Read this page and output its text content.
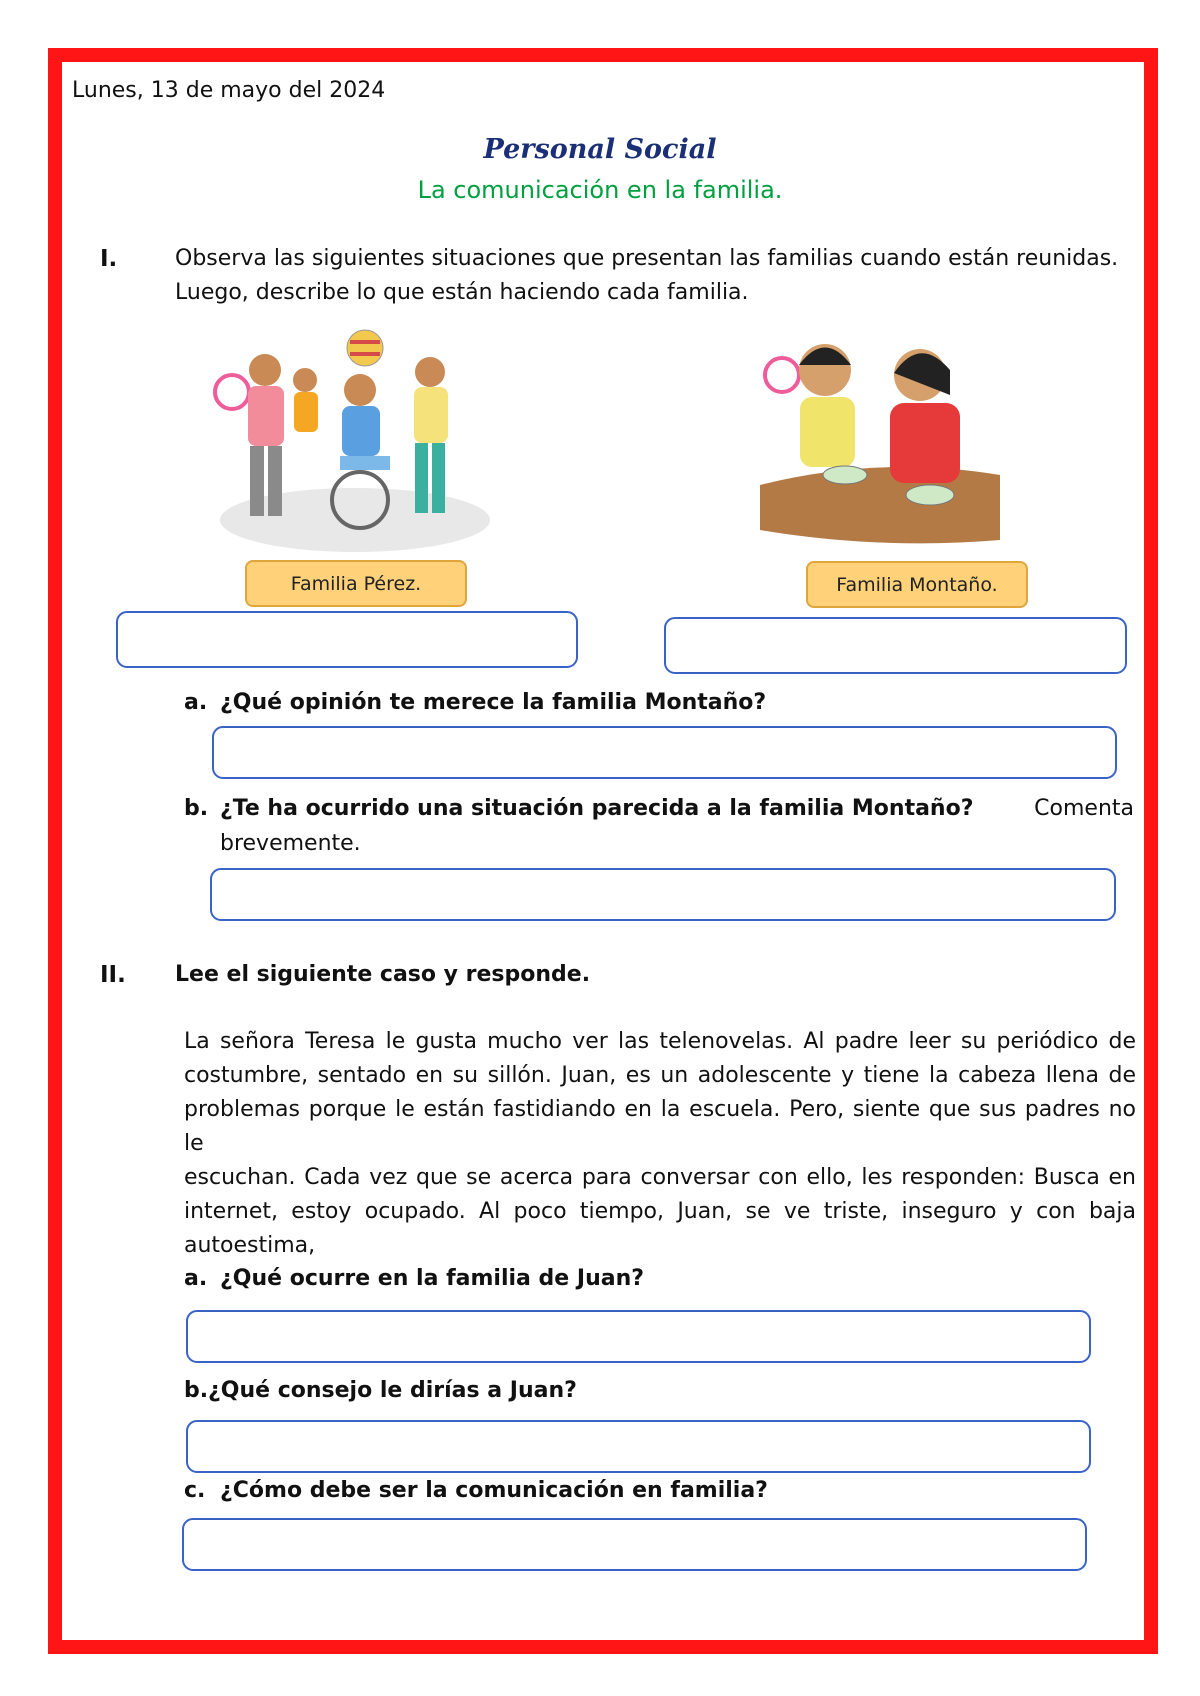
Lunes, 13 de mayo del 2024
Personal Social
La comunicación en la familia.
I.	Observa las siguientes situaciones que presentan las familias cuando están reunidas.
Luego, describe lo que están haciendo cada familia.
Familia Pérez.	Familia Montaño.
a. ¿Qué opinión te merece la familia Montaño?
b. ¿Te ha ocurrido una situación parecida a la familia Montaño?	Comenta
brevemente.
II. Lee el siguiente caso y responde.
La señora Teresa le gusta mucho ver las telenovelas. Al padre leer su periódico de
costumbre, sentado en su sillón. Juan, es un adolescente y tiene la cabeza llena de
problemas porque le están fastidiando en la escuela. Pero, siente que sus padres no le
escuchan. Cada vez que se acerca para conversar con ello, les responden: Busca en
internet, estoy ocupado. Al poco tiempo, Juan, se ve triste, inseguro y con baja
autoestima,
a. ¿Qué ocurre en la familia de Juan?
b.¿Qué consejo le dirías a Juan?
c. ¿Cómo debe ser la comunicación en familia?
